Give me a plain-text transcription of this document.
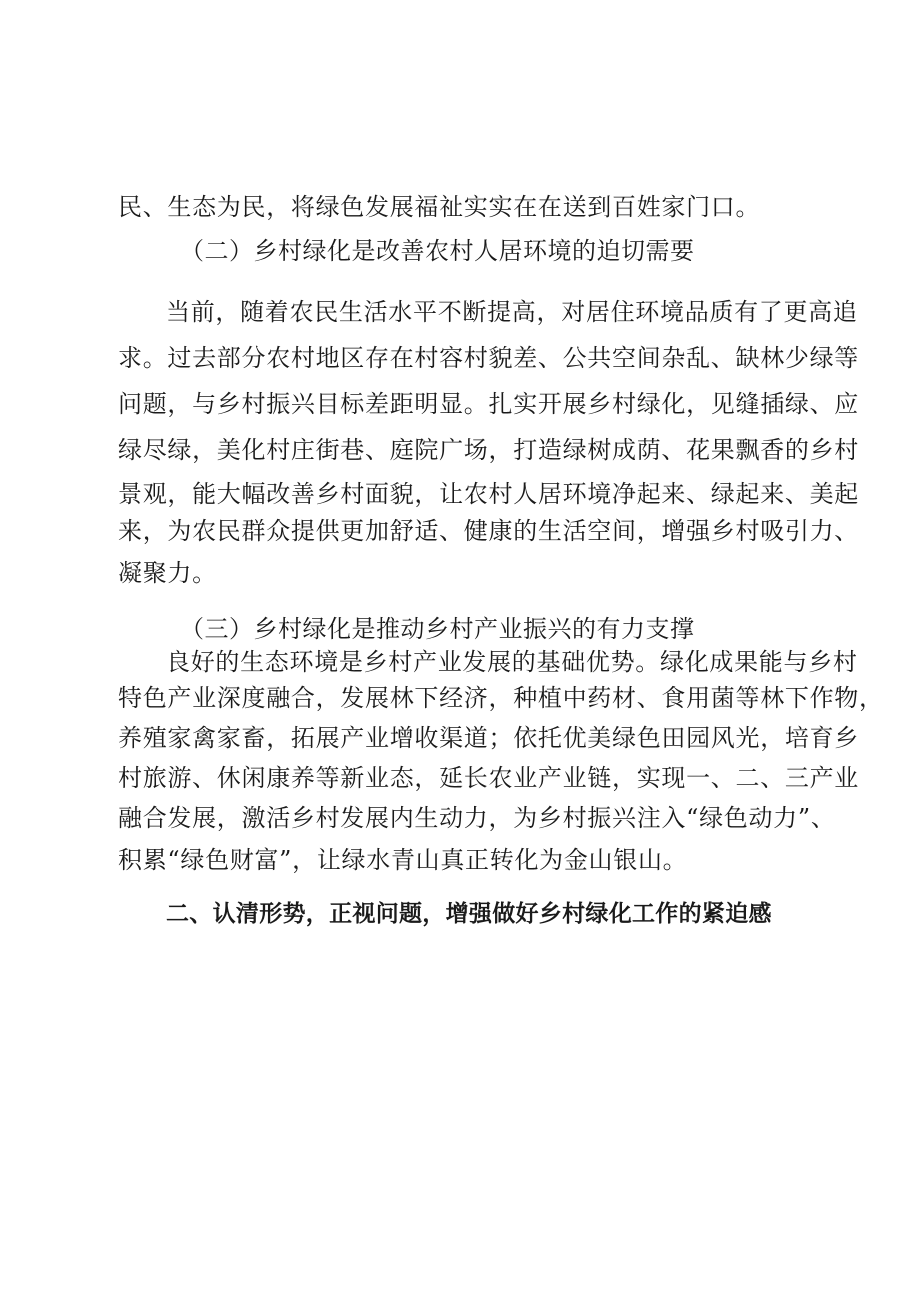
民、生态为民，将绿色发展福祉实实在在送到百姓家门口。
（二）乡村绿化是改善农村人居环境的迫切需要
当前，随着农民生活水平不断提高，对居住环境品质有了更高追
求。过去部分农村地区存在村容村貌差、公共空间杂乱、缺林少绿等
问题，与乡村振兴目标差距明显。扎实开展乡村绿化，见缝插绿、应
绿尽绿，美化村庄街巷、庭院广场，打造绿树成荫、花果飘香的乡村
景观，能大幅改善乡村面貌，让农村人居环境净起来、绿起来、美起
来，为农民群众提供更加舒适、健康的生活空间，增强乡村吸引力、
凝聚力。
（三）乡村绿化是推动乡村产业振兴的有力支撑
良好的生态环境是乡村产业发展的基础优势。绿化成果能与乡村
特色产业深度融合，发展林下经济，种植中药材、食用菌等林下作物，
养殖家禽家畜，拓展产业增收渠道；依托优美绿色田园风光，培育乡
村旅游、休闲康养等新业态，延长农业产业链，实现一、二、三产业
融合发展，激活乡村发展内生动力，为乡村振兴注入“绿色动力”、
积累“绿色财富”，让绿水青山真正转化为金山银山。
二、认清形势，正视问题，增强做好乡村绿化工作的紧迫感
